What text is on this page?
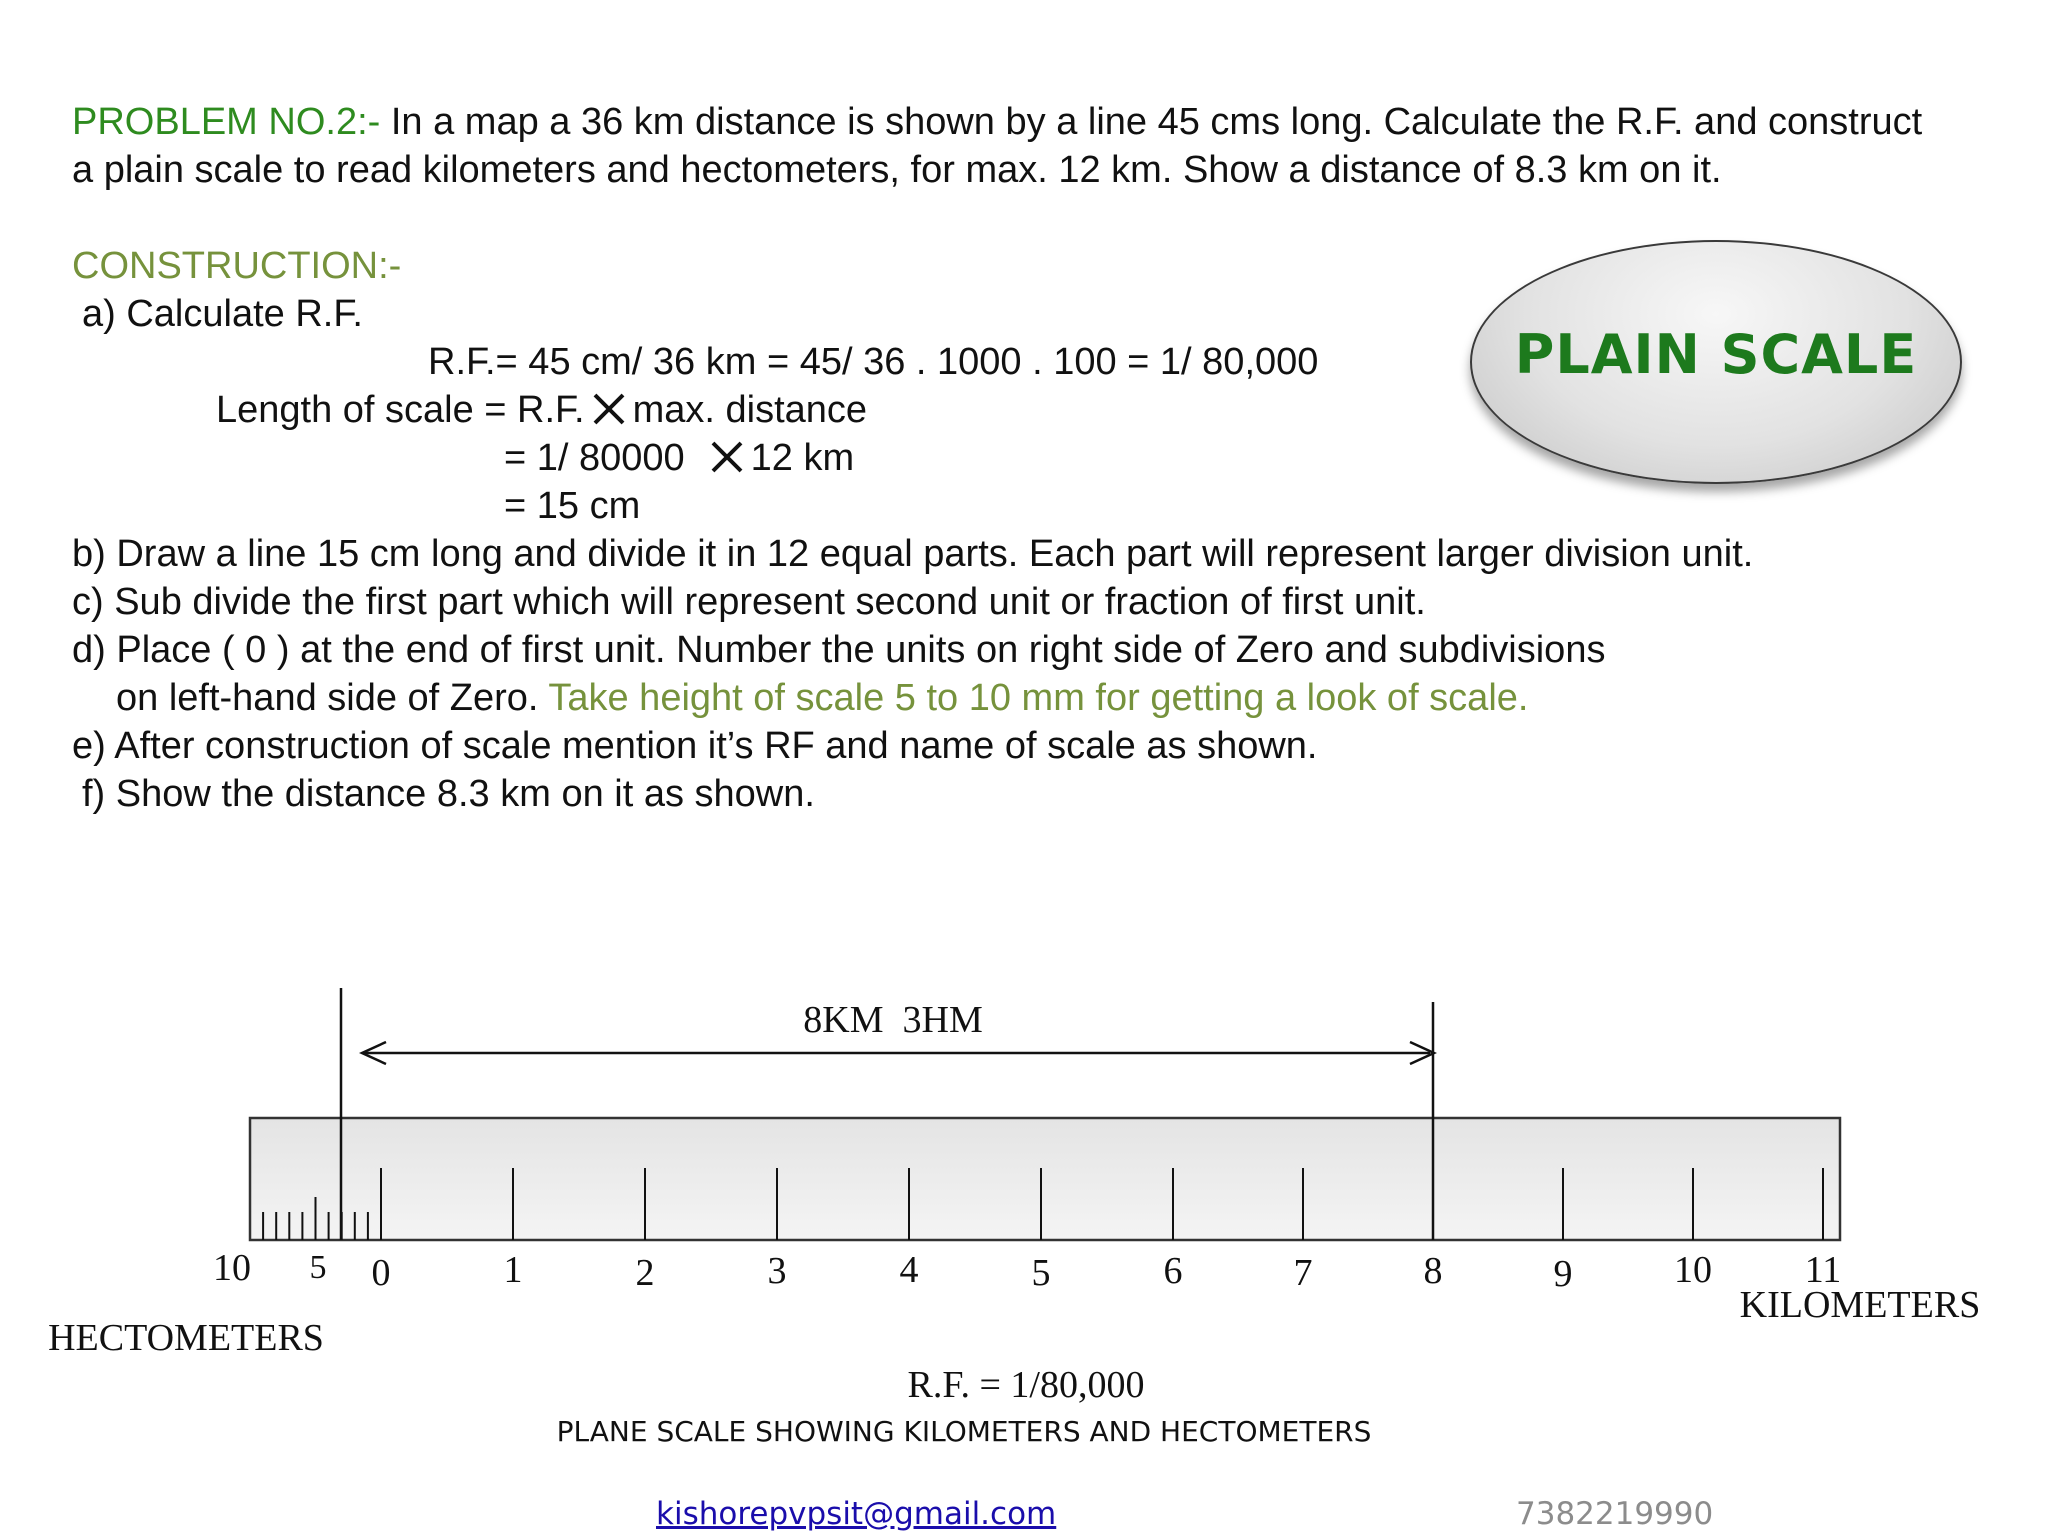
PROBLEM NO.2:- In a map a 36 km distance is shown by a line 45 cms long. Calculate the R.F. and construct
a plain scale to read kilometers and hectometers, for max. 12 km. Show a distance of 8.3 km on it.
CONSTRUCTION:-
a) Calculate R.F.
R.F.= 45 cm/ 36 km = 45/ 36 . 1000 . 100 = 1/ 80,000
Length of scale = R.F. max. distance
= 1/ 80000 12 km
= 15 cm
b) Draw a line 15 cm long and divide it in 12 equal parts. Each part will represent larger division unit.
c) Sub divide the first part which will represent second unit or fraction of first unit.
d) Place ( 0 ) at the end of first unit. Number the units on right side of Zero and subdivisions
on left-hand side of Zero. Take height of scale 5 to 10 mm for getting a look of scale.
e) After construction of scale mention it’s RF and name of scale as shown.
f) Show the distance 8.3 km on it as shown.
PLAIN SCALE
0	1	2	3	4	5	6	7	8	9	10 11
10 5
8KM  3HM
KILOMETERS
HECTOMETERS
R.F. = 1/80,000
PLANE SCALE SHOWING KILOMETERS AND HECTOMETERS
kishorepvpsit@gmail.com	7382219990
